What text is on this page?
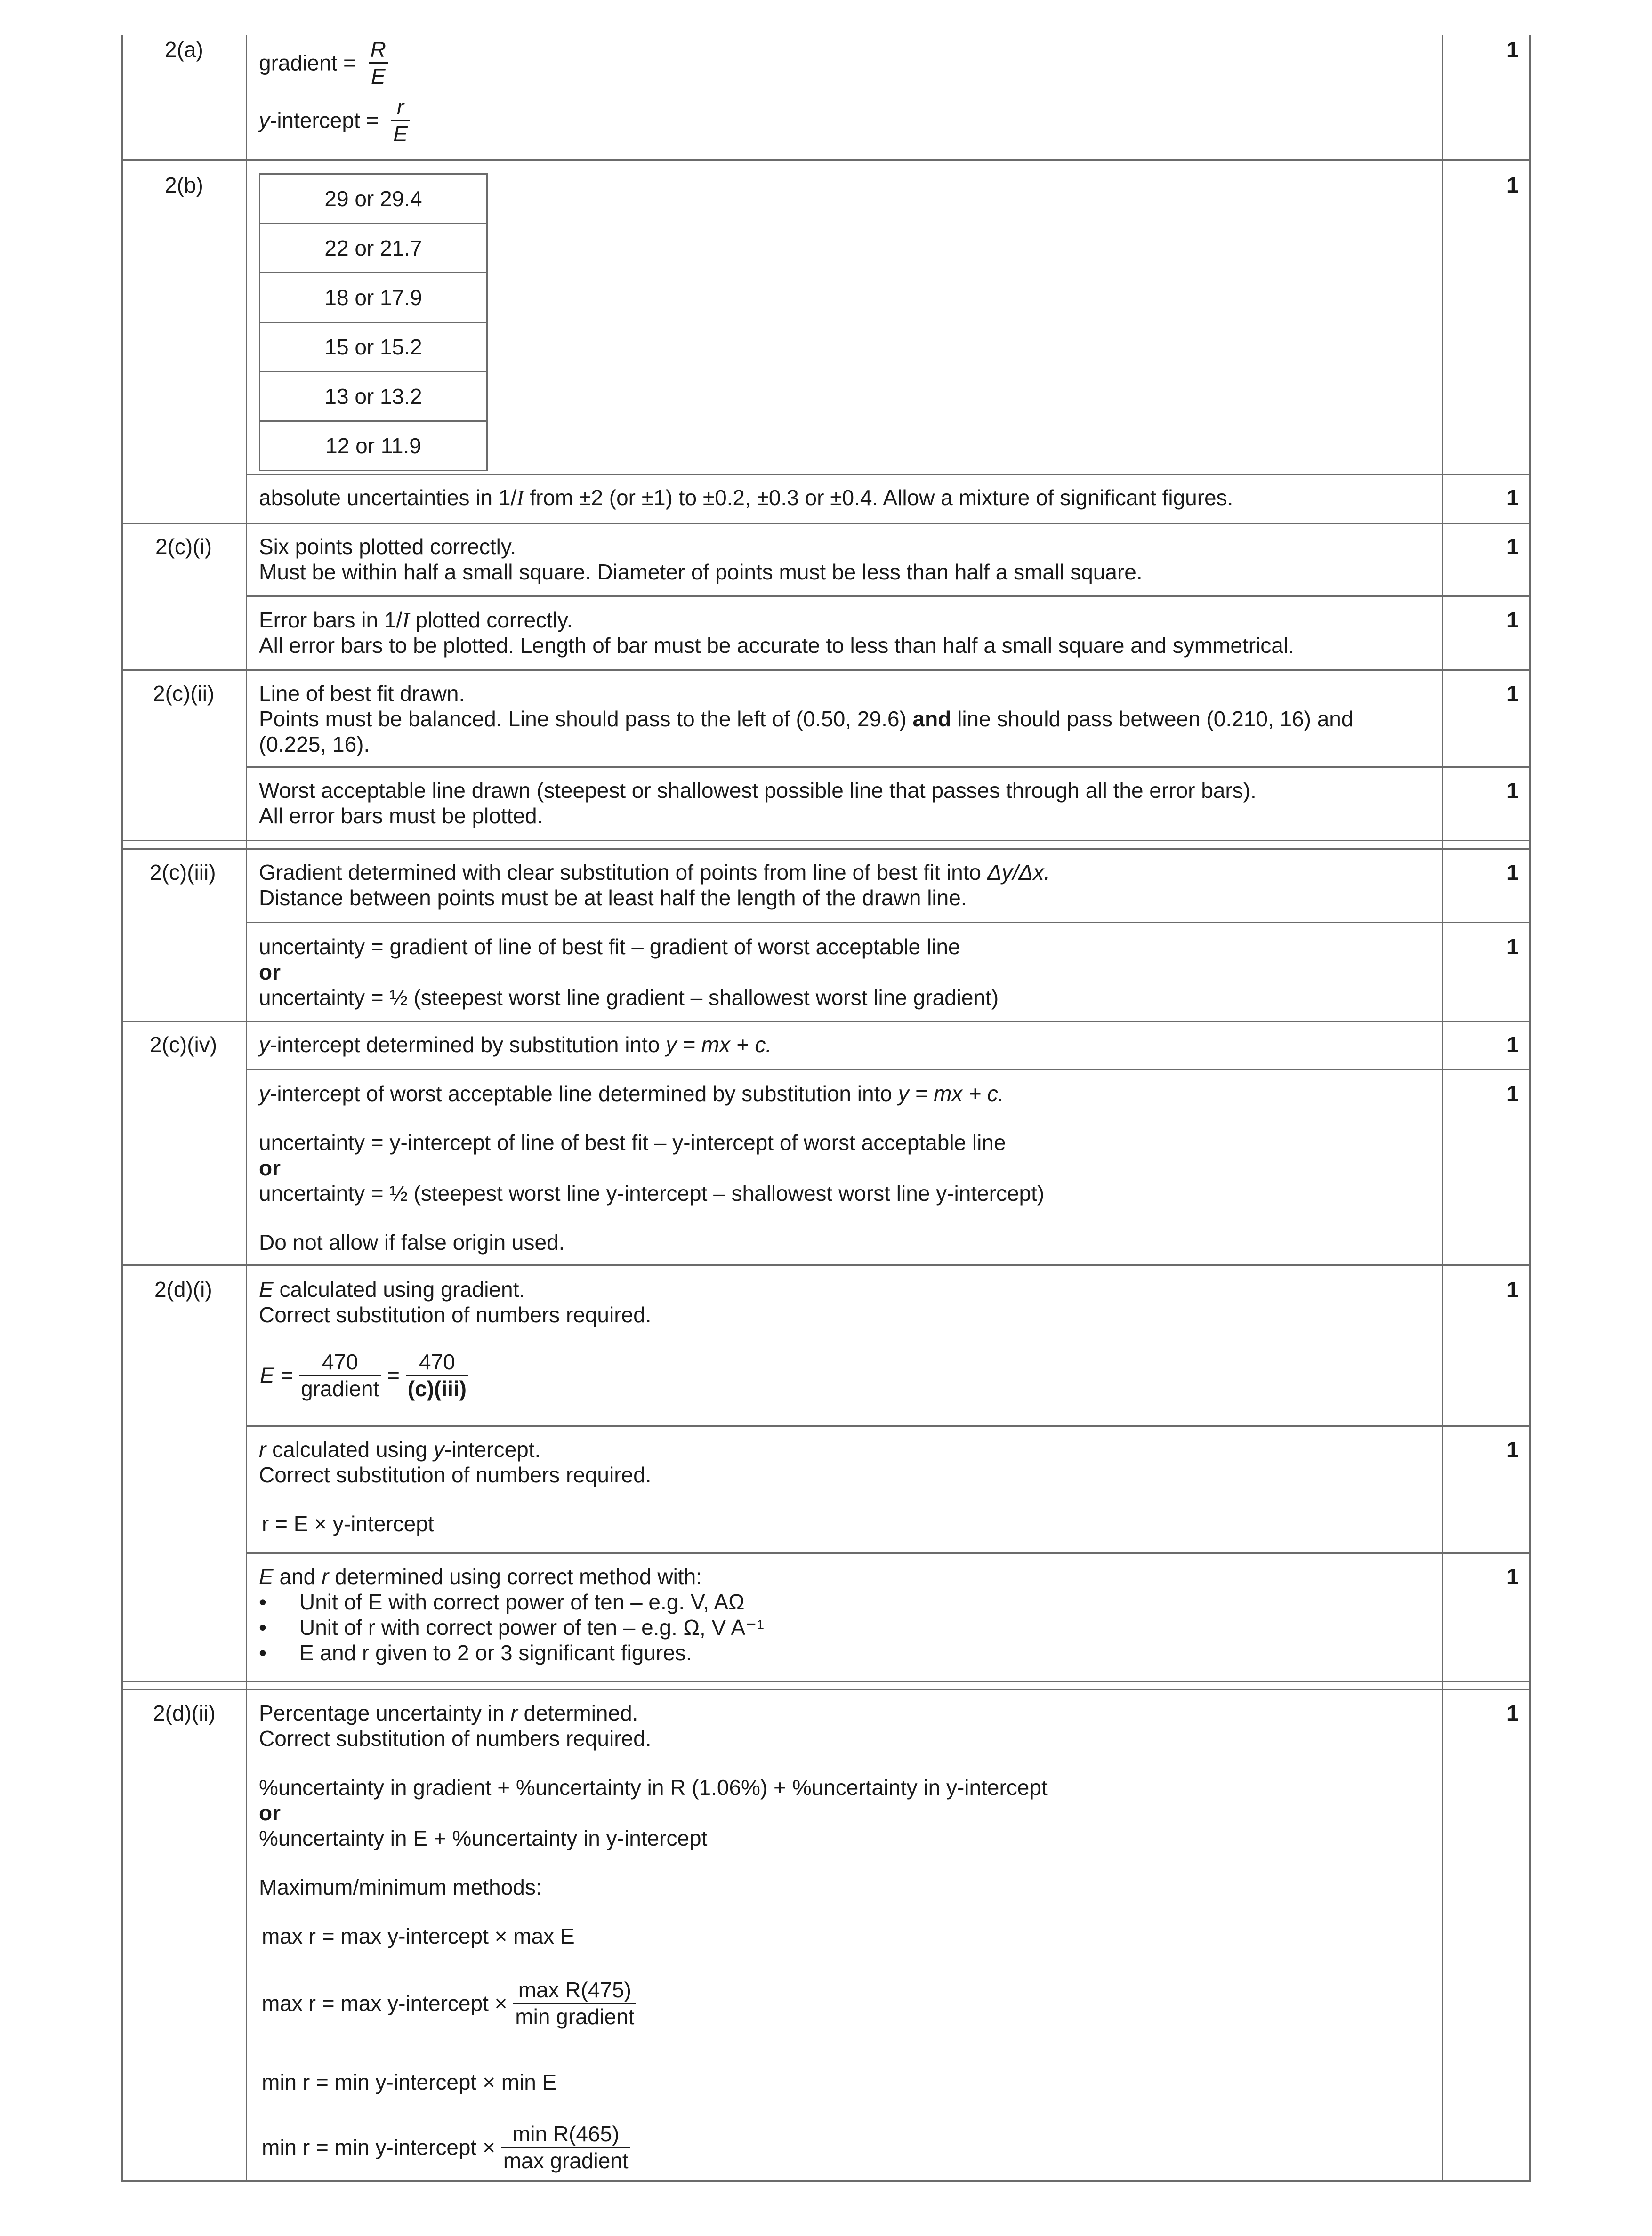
2(a)
gradient = $\frac{R}{E}$
y-intercept = $\frac{r}{E}$
1
2(b)
29 or 29.4
22 or 21.7
18 or 17.9
15 or 15.2
13 or 13.2
12 or 11.9
1
absolute uncertainties in 1/I from ±2 (or ±1) to ±0.2, ±0.3 or ±0.4. Allow a mixture of significant figures.	1
2(c)(i) Six points plotted correctly.
Must be within half a small square. Diameter of points must be less than half a small square.
1
Error bars in 1/I plotted correctly.
All error bars to be plotted. Length of bar must be accurate to less than half a small square and symmetrical.
1
2(c)(ii) Line of best fit drawn.
Points must be balanced. Line should pass to the left of (0.50, 29.6) and line should pass between (0.210, 16) and
(0.225, 16).
1
Worst acceptable line drawn (steepest or shallowest possible line that passes through all the error bars).
All error bars must be plotted.
1
2(c)(iii) Gradient determined with clear substitution of points from line of best fit into Δy/Δx.
Distance between points must be at least half the length of the drawn line.
1
uncertainty = gradient of line of best fit – gradient of worst acceptable line
or
uncertainty = ½ (steepest worst line gradient – shallowest worst line gradient)
1
2(c)(iv) y-intercept determined by substitution into y = mx + c.	1
y-intercept of worst acceptable line determined by substitution into y = mx + c.
uncertainty = y-intercept of line of best fit – y-intercept of worst acceptable line
or
uncertainty = ½ (steepest worst line y-intercept – shallowest worst line y-intercept)
Do not allow if false origin used.
1
2(d)(i) E calculated using gradient.
Correct substitution of numbers required.
$E = \frac{470}{\text{gradient}} = \frac{470}{\text{(c)(iii)}}$
1
r calculated using y-intercept.
Correct substitution of numbers required.
r = E × y-intercept
1
E and r determined using correct method with:
• Unit of E with correct power of ten – e.g. V, AΩ
• Unit of r with correct power of ten – e.g. Ω, V A⁻¹
• E and r given to 2 or 3 significant figures.
1
2(d)(ii) Percentage uncertainty in r determined.
Correct substitution of numbers required.
%uncertainty in gradient + %uncertainty in R (1.06%) + %uncertainty in y-intercept
or
%uncertainty in E + %uncertainty in y-intercept
Maximum/minimum methods:
max r = max y-intercept × max E
max r = max y-intercept × $\frac{\text{max R(475)}}{\text{min gradient}}$
min r = min y-intercept × min E
min r = min y-intercept × $\frac{\text{min R(465)}}{\text{max gradient}}$
1
